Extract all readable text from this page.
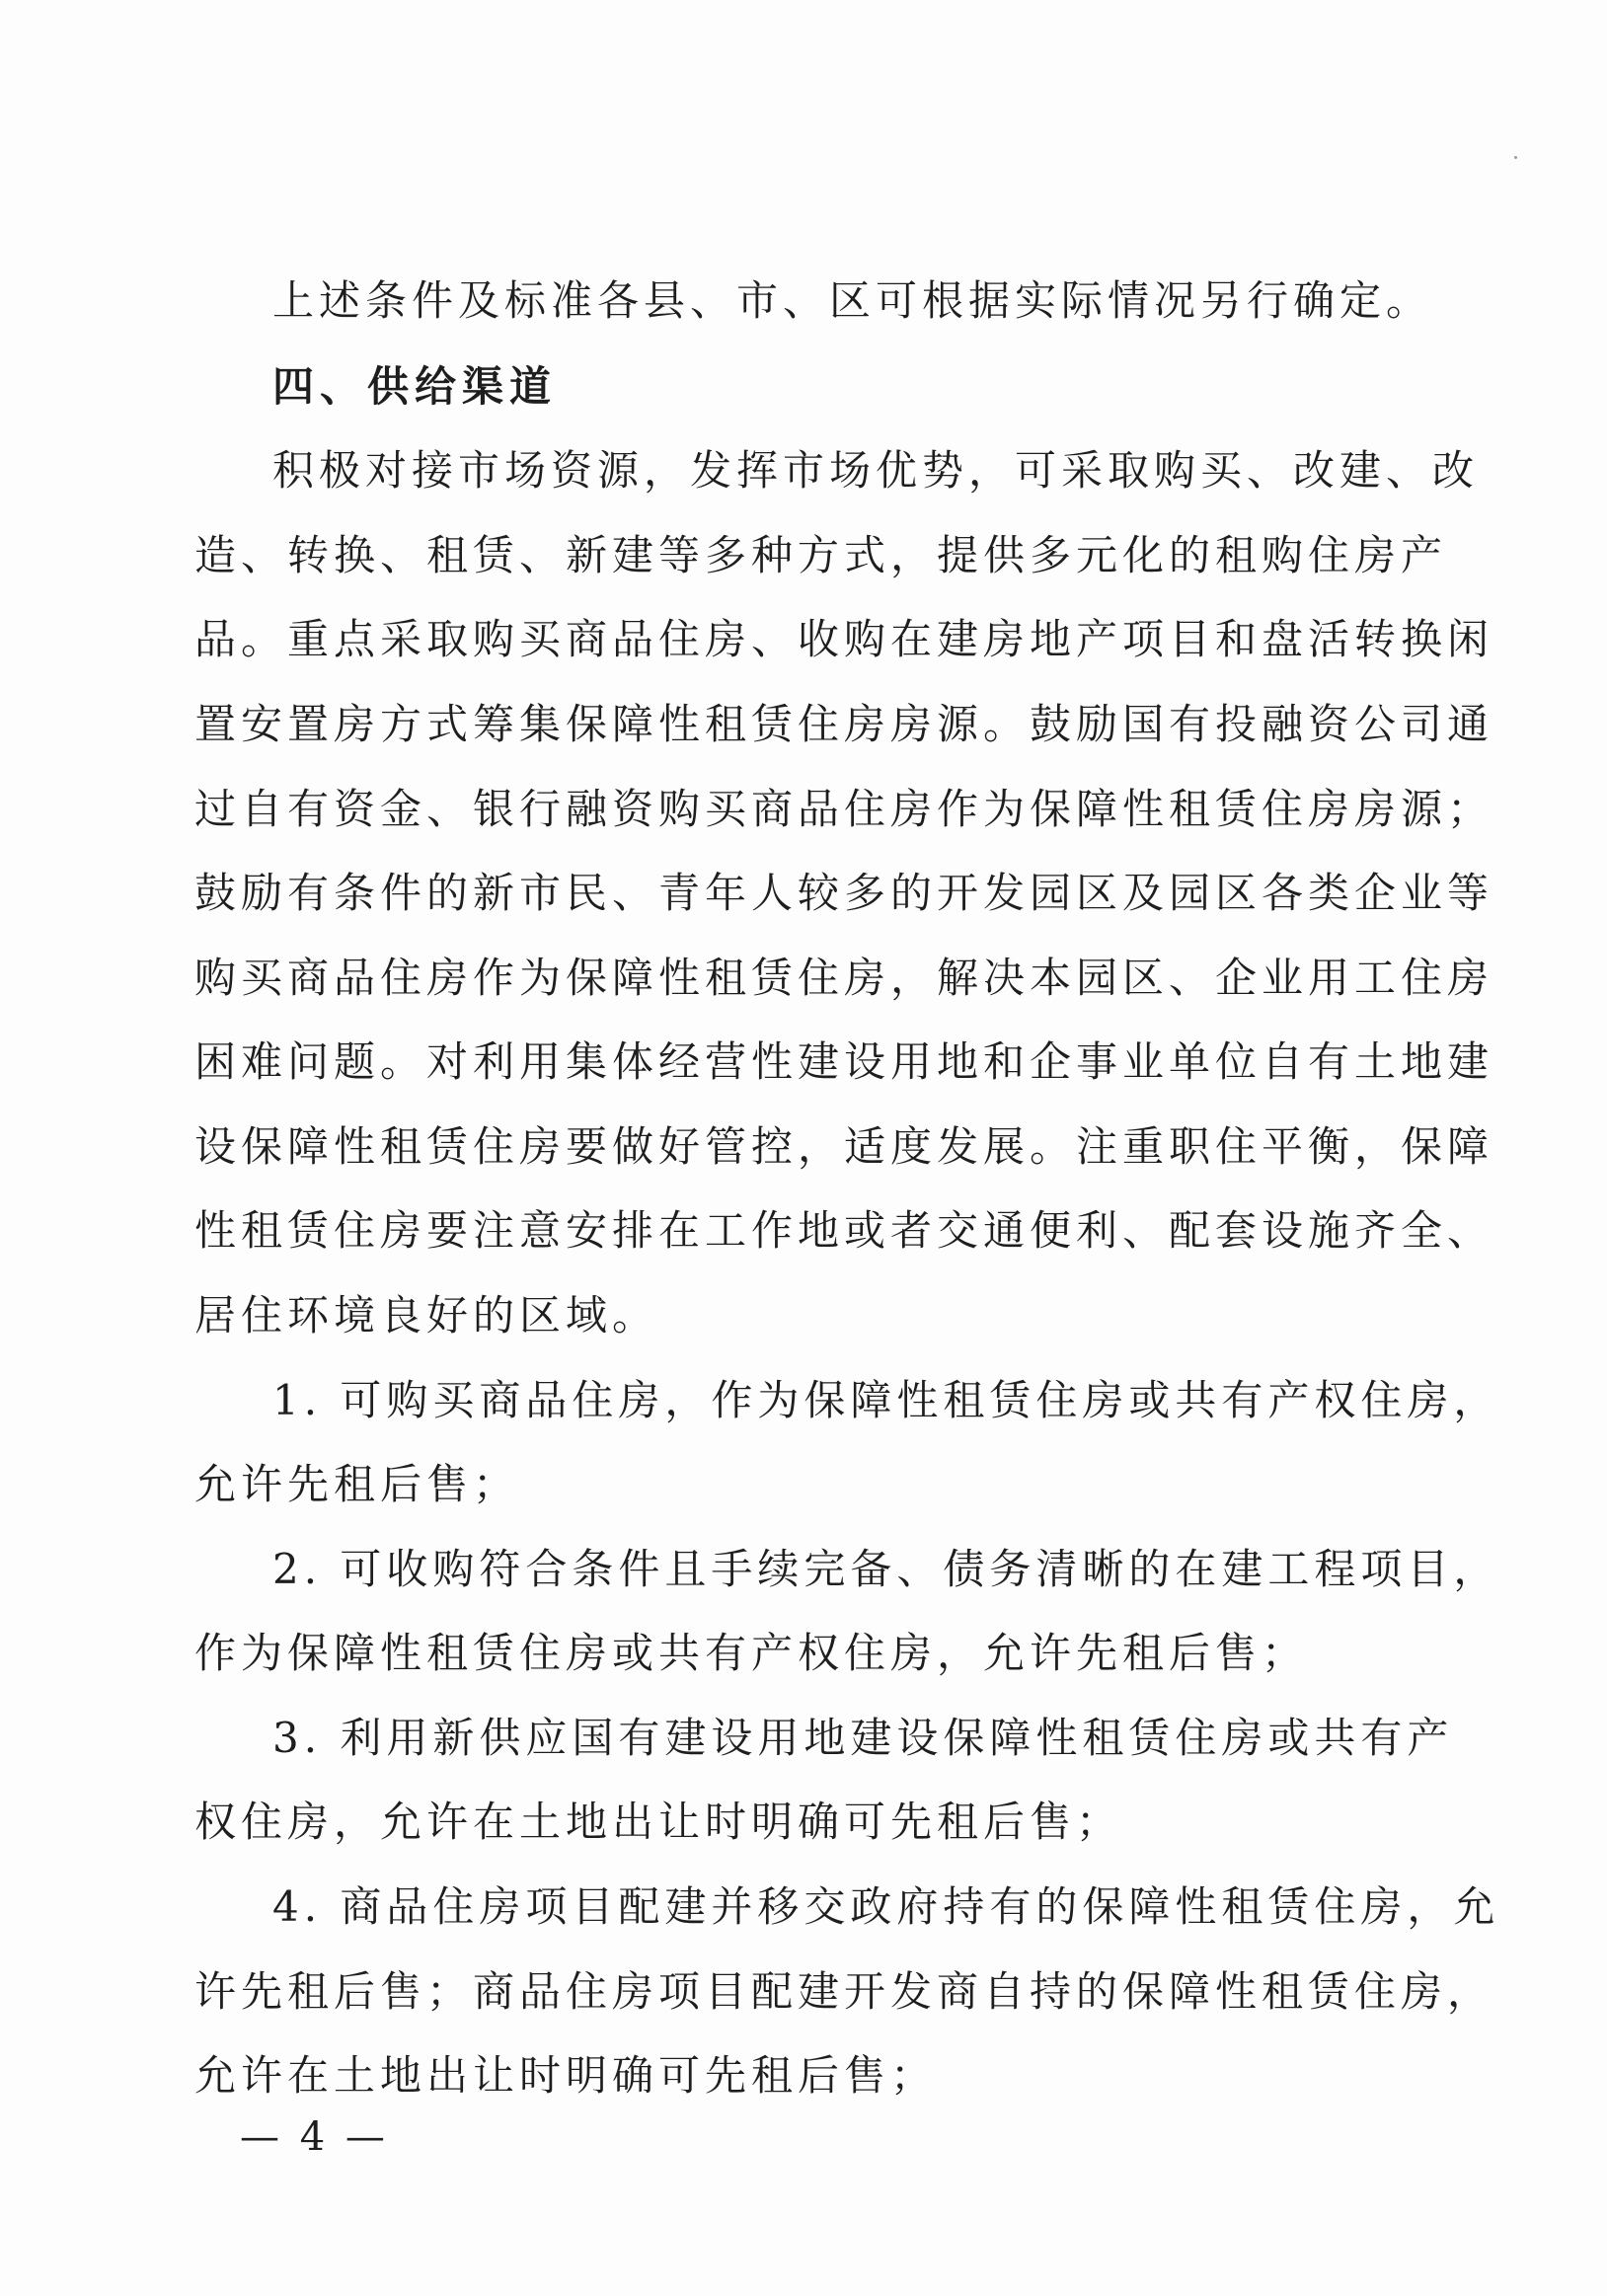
上述条件及标准各县、市、区可根据实际情况另行确定。
四、供给渠道
积极对接市场资源，发挥市场优势，可采取购买、改建、改
造、转换、租赁、新建等多种方式，提供多元化的租购住房产
品。重点采取购买商品住房、收购在建房地产项目和盘活转换闲
置安置房方式筹集保障性租赁住房房源。鼓励国有投融资公司通
过自有资金、银行融资购买商品住房作为保障性租赁住房房源；
鼓励有条件的新市民、青年人较多的开发园区及园区各类企业等
购买商品住房作为保障性租赁住房，解决本园区、企业用工住房
困难问题。对利用集体经营性建设用地和企事业单位自有土地建
设保障性租赁住房要做好管控，适度发展。注重职住平衡，保障
性租赁住房要注意安排在工作地或者交通便利、配套设施齐全、
居住环境良好的区域。
1. 可购买商品住房，作为保障性租赁住房或共有产权住房，
允许先租后售；
2. 可收购符合条件且手续完备、债务清晰的在建工程项目，
作为保障性租赁住房或共有产权住房，允许先租后售；
3. 利用新供应国有建设用地建设保障性租赁住房或共有产
权住房，允许在土地出让时明确可先租后售；
4. 商品住房项目配建并移交政府持有的保障性租赁住房，允
许先租后售；商品住房项目配建开发商自持的保障性租赁住房，
允许在土地出让时明确可先租后售；
— 4 —
